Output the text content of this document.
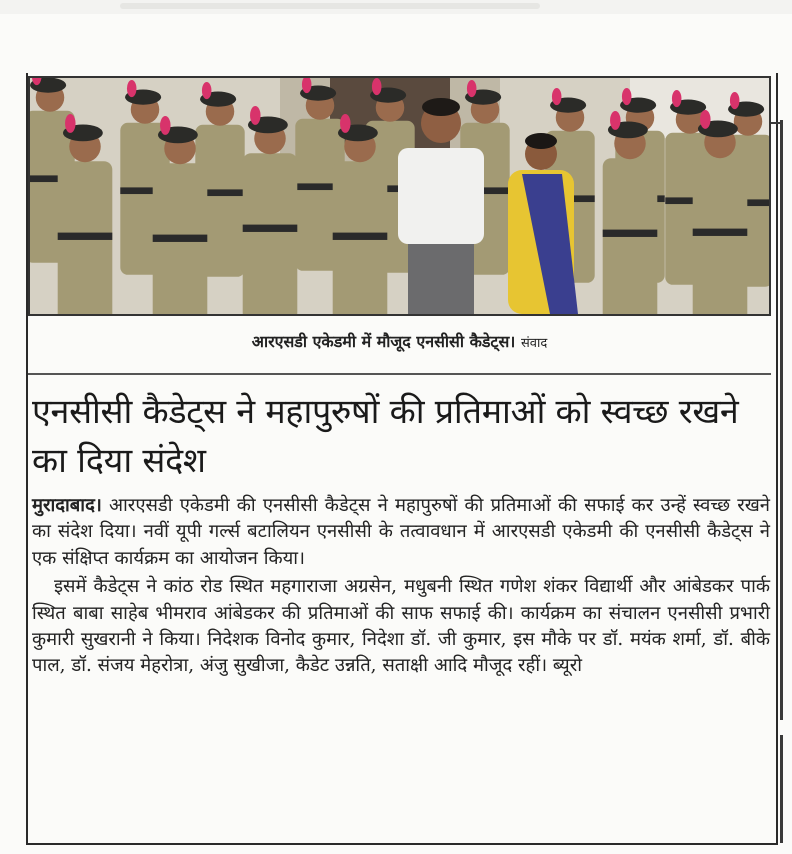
आरएसडी एकेडमी में मौजूद एनसीसी कैडेट्स। संवाद
एनसीसी कैडेट्स ने महापुरुषों की प्रतिमाओं को स्वच्छ रखने का दिया संदेश

मुरादाबाद। आरएसडी एकेडमी की एनसीसी कैडेट्स ने महापुरुषों की प्रतिमाओं की सफाई कर उन्हें स्वच्छ रखने का संदेश दिया। नवीं यूपी गर्ल्स बटालियन एनसीसी के तत्वावधान में आरएसडी एकेडमी की एनसीसी कैडेट्स ने एक संक्षिप्त कार्यक्रम का आयोजन किया।

इसमें कैडेट्स ने कांठ रोड स्थित महगाराजा अग्रसेन, मधुबनी स्थित गणेश शंकर विद्यार्थी और आंबेडकर पार्क स्थित बाबा साहेब भीमराव आंबेडकर की प्रतिमाओं की साफ सफाई की। कार्यक्रम का संचालन एनसीसी प्रभारी कुमारी सुखरानी ने किया। निदेशक विनोद कुमार, निदेशा डॉ. जी कुमार, इस मौके पर डॉ. मयंक शर्मा, डॉ. बीके पाल, डॉ. संजय मेहरोत्रा, अंजु सुखीजा, कैडेट उन्नति, सताक्षी आदि मौजूद रहीं। ब्यूरो
